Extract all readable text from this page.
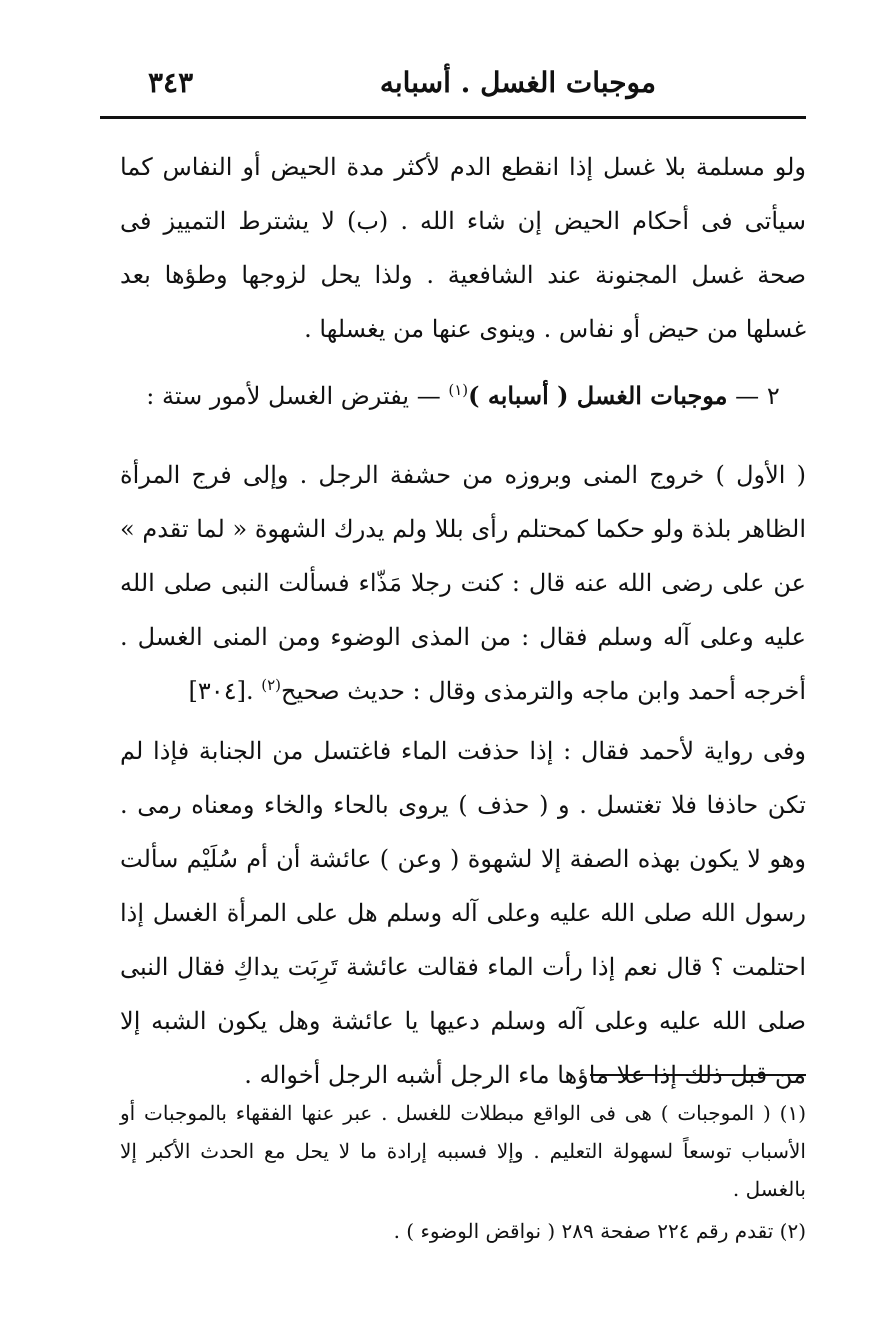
موجبات الغسل . أسبابه
٣٤٣

ولو مسلمة بلا غسل إذا انقطع الدم لأكثر مدة الحيض أو النفاس كما سيأتى فى أحكام الحيض إن شاء الله . (ب) لا يشترط التمييز فى صحة غسل المجنونة عند الشافعية . ولذا يحل لزوجها وطؤها بعد غسلها من حيض أو نفاس . وينوى عنها من يغسلها .

٢ — موجبات الغسل ( أسبابه )$^{(١)}$ — يفترض الغسل لأمور ستة :

( الأول ) خروج المنى وبروزه من حشفة الرجل . وإلى فرج المرأة الظاهر بلذة ولو حكما كمحتلم رأى بللا ولم يدرك الشهوة « لما تقدم » عن على رضى الله عنه قال : كنت رجلا مَذّاء فسألت النبى صلى الله عليه وعلى آله وسلم فقال : من المذى الوضوء ومن المنى الغسل . أخرجه أحمد وابن ماجه والترمذى وقال : حديث صحيح$^{(٢)}$ .[٣٠٤]

وفى رواية لأحمد فقال : إذا حذفت الماء فاغتسل من الجنابة فإذا لم تكن حاذفا فلا تغتسل . و ( حذف ) يروى بالحاء والخاء ومعناه رمى . وهو لا يكون بهذه الصفة إلا لشهوة ( وعن ) عائشة أن أم سُلَيْم سألت رسول الله صلى الله عليه وعلى آله وسلم هل على المرأة الغسل إذا احتلمت ؟ قال نعم إذا رأت الماء فقالت عائشة تَرِبَت يداكِ فقال النبى صلى الله عليه وعلى آله وسلم دعيها يا عائشة وهل يكون الشبه إلا من قبل ذلك إذا علا ماؤها ماء الرجل أشبه الرجل أخواله .

(١) ( الموجبات ) هى فى الواقع مبطلات للغسل . عبر عنها الفقهاء بالموجبات أو الأسباب توسعاً لسهولة التعليم . وإلا فسببه إرادة ما لا يحل مع الحدث الأكبر إلا بالغسل .

(٢) تقدم رقم ٢٢٤ صفحة ٢٨٩ ( نواقض الوضوء ) .
